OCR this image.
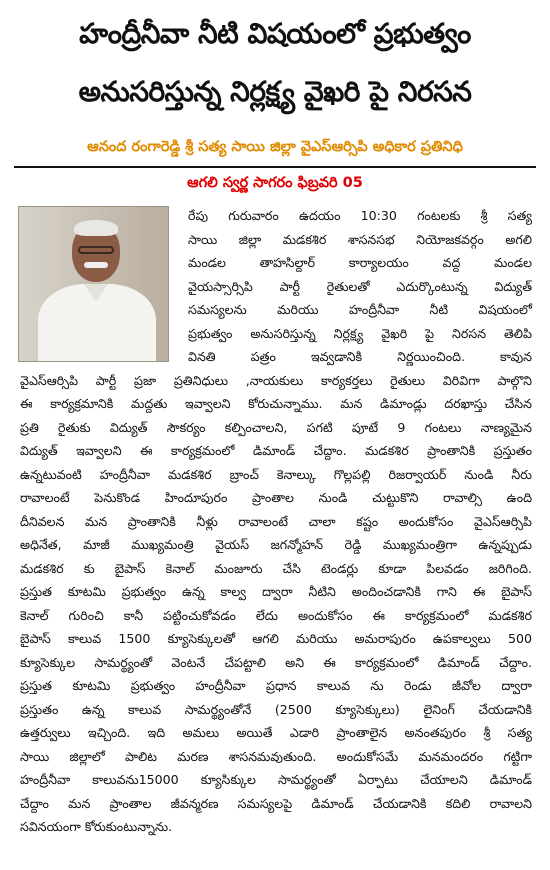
హంద్రీనీవా నీటి విషయంలో ప్రభుత్వం
అనుసరిస్తున్న నిర్లక్ష్య వైఖరి పై నిరసన
ఆనంద రంగారెడ్డి శ్రీ సత్య సాయి జిల్లా వైఎస్ఆర్సిపి అధికార ప్రతినిధి
ఆగలి స్వర్ణ సాగరం ఫిబ్రవరి 05
రేపు గురువారం ఉదయం 10:30 గంటలకు శ్రీ సత్య
సాయి జిల్లా మడకశిర శాసనసభ నియోజకవర్గం అగలి
మండల తాహసిల్దార్ కార్యాలయం వద్ద మండల
వైయస్సార్సిపి పార్టీ రైతులతో ఎదుర్కొంటున్న విద్యుత్
సమస్యలను మరియు హంద్రీనీవా నీటి విషయంలో
ప్రభుత్వం అనుసరిస్తున్న నిర్లక్ష్య వైఖరి పై నిరసన తెలిపి
వినతి పత్రం ఇవ్వడానికి నిర్ణయించింది. కావున
వైఎస్ఆర్సిపి పార్టీ ప్రజా ప్రతినిధులు ,నాయకులు కార్యకర్తలు రైతులు విరివిగా పాల్గొని
ఈ కార్యక్రమానికి మద్దతు ఇవ్వాలని కోరుచున్నాము. మన డిమాండ్లు దరఖాస్తు చేసిన
ప్రతి రైతుకు విద్యుత్ సౌకర్యం కల్పించాలని, పగటి పూటే 9 గంటలు నాణ్యమైన
విద్యుత్ ఇవ్వాలని ఈ కార్యక్రమంలో డిమాండ్ చేద్దాం. మడకశిర ప్రాంతానికి ప్రస్తుతం
ఉన్నటువంటి హంద్రీనీవా మడకశిర బ్రాంచ్ కెనాల్కు గొల్లపల్లి రిజర్వాయర్ నుండి నీరు
రావాలంటే పెనుకొండ హిందూపురం ప్రాంతాల నుండి చుట్టుకొని రావాల్సి ఉంది
దీనివలన మన ప్రాంతానికి నీళ్లు రావాలంటే చాలా కష్టం అందుకోసం వైఎస్ఆర్సిపి
అధినేత, మాజీ ముఖ్యమంత్రి వైయస్ జగన్మోహన్ రెడ్డి ముఖ్యమంత్రిగా ఉన్నప్పుడు
మడకశిర కు బైపాస్ కెనాల్ మంజూరు చేసి టెండర్లు కూడా పిలవడం జరిగింది.
ప్రస్తుత కూటమి ప్రభుత్వం ఉన్న కాల్వ ద్వారా నీటిని అందించడానికి గాని ఈ బైపాస్
కెనాల్ గురించి కానీ పట్టించుకోవడం లేదు అందుకోసం ఈ కార్యక్రమంలో మడకశిర
బైపాస్ కాలువ 1500 క్యూసెక్కులతో ఆగలి మరియు అమరాపురం ఉపకాల్వలు 500
క్యూసెక్కుల సామర్థ్యంతో వెంటనే చేపట్టాలి అని ఈ కార్యక్రమంలో డిమాండ్ చేద్దాం.
ప్రస్తుత కూటమి ప్రభుత్వం హంద్రీనీవా ప్రధాన కాలువ ను రెండు జీవోల ద్వారా
ప్రస్తుతం ఉన్న కాలువ సామర్థ్యంతోనే (2500 క్యూసెక్కులు) లైనింగ్ చేయడానికి
ఉత్తర్వులు ఇచ్చింది. ఇది అమలు అయితే ఎడారి ప్రాంతాలైన అనంతపురం శ్రీ సత్య
సాయి జిల్లాలో పాలిట మరణ శాసనమవుతుంది. అందుకోసమే మనమందరం గట్టిగా
హంద్రీనీవా కాలువను15000 క్యూసిక్కుల సామర్థ్యంతో ఏర్పాటు చేయాలని డిమాండ్
చేద్దాం మన ప్రాంతాల జీవన్మరణ సమస్యలపై డిమాండ్ చేయడానికి కదిలి రావాలని
సవినయంగా కోరుకుంటున్నాను.
